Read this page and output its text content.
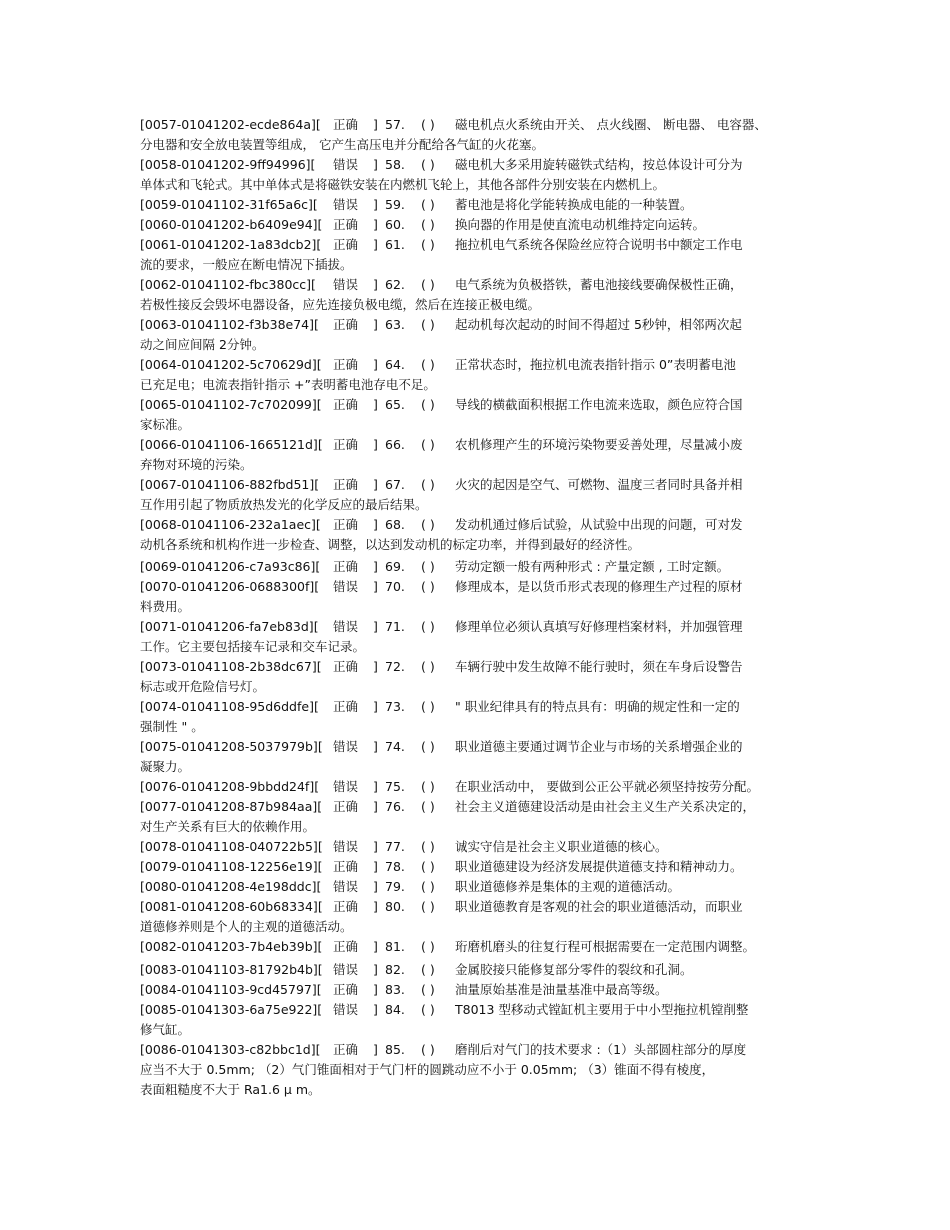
[0057-01041202-ecde864a][ 正确 ] 57. ( ) 磁电机点火系统由开关、 点火线圈、 断电器、 电容器、
分电器和安全放电装置等组成， 它产生高压电并分配给各气缸的火花塞。
[0058-01041202-9ff94996][ 错误 ] 58. ( ) 磁电机大多采用旋转磁铁式结构，按总体设计可分为
单体式和飞轮式。其中单体式是将磁铁安装在内燃机飞轮上，其他各部件分别安装在内燃机上。
[0059-01041102-31f65a6c][ 错误 ] 59. ( ) 蓄电池是将化学能转换成电能的一种装置。
[0060-01041202-b6409e94][ 正确 ] 60. ( ) 换向器的作用是使直流电动机维持定向运转。
[0061-01041202-1a83dcb2][ 正确 ] 61. ( ) 拖拉机电气系统各保险丝应符合说明书中额定工作电
流的要求，一般应在断电情况下插拔。
[0062-01041102-fbc380cc][ 错误 ] 62. ( ) 电气系统为负极搭铁，蓄电池接线要确保极性正确，
若极性接反会毁坏电器设备，应先连接负极电缆，然后在连接正极电缆。
[0063-01041102-f3b38e74][ 正确 ] 63. ( ) 起动机每次起动的时间不得超过 5秒钟，相邻两次起
动之间应间隔 2分钟。
[0064-01041202-5c70629d][ 正确 ] 64. ( ) 正常状态时，拖拉机电流表指针指示 0”表明蓄电池
已充足电；电流表指针指示 +”表明蓄电池存电不足。
[0065-01041102-7c702099][ 正确 ] 65. ( ) 导线的横截面积根据工作电流来选取，颜色应符合国
家标准。
[0066-01041106-1665121d][ 正确 ] 66. ( ) 农机修理产生的环境污染物要妥善处理，尽量减小废
弃物对环境的污染。
[0067-01041106-882fbd51][ 正确 ] 67. ( ) 火灾的起因是空气、可燃物、温度三者同时具备并相
互作用引起了物质放热发光的化学反应的最后结果。
[0068-01041106-232a1aec][ 正确 ] 68. ( ) 发动机通过修后试验，从试验中出现的问题，可对发
动机各系统和机构作进一步检查、调整，以达到发动机的标定功率，并得到最好的经济性。
[0069-01041206-c7a93c86][ 正确 ] 69. ( ) 劳动定额一般有两种形式 : 产量定额 , 工时定额。
[0070-01041206-0688300f][ 错误 ] 70. ( ) 修理成本，是以货币形式表现的修理生产过程的原材
料费用。
[0071-01041206-fa7eb83d][ 错误 ] 71. ( ) 修理单位必须认真填写好修理档案材料，并加强管理
工作。它主要包括接车记录和交车记录。
[0073-01041108-2b38dc67][ 正确 ] 72. ( ) 车辆行驶中发生故障不能行驶时，须在车身后设警告
标志或开危险信号灯。
[0074-01041108-95d6ddfe][ 正确 ] 73. ( ) " 职业纪律具有的特点具有：明确的规定性和一定的
强制性 " 。
[0075-01041208-5037979b][ 错误 ] 74. ( ) 职业道德主要通过调节企业与市场的关系增强企业的
凝聚力。
[0076-01041208-9bbdd24f][ 错误 ] 75. ( ) 在职业活动中， 要做到公正公平就必须坚持按劳分配。
[0077-01041208-87b984aa][ 正确 ] 76. ( ) 社会主义道德建设活动是由社会主义生产关系决定的，
对生产关系有巨大的依赖作用。
[0078-01041108-040722b5][ 错误 ] 77. ( ) 诚实守信是社会主义职业道德的核心。
[0079-01041108-12256e19][ 正确 ] 78. ( ) 职业道德建设为经济发展提供道德支持和精神动力。
[0080-01041208-4e198ddc][ 错误 ] 79. ( ) 职业道德修养是集体的主观的道德活动。
[0081-01041208-60b68334][ 正确 ] 80. ( ) 职业道德教育是客观的社会的职业道德活动，而职业
道德修养则是个人的主观的道德活动。
[0082-01041203-7b4eb39b][ 正确 ] 81. ( ) 珩磨机磨头的往复行程可根据需要在一定范围内调整。
[0083-01041103-81792b4b][ 错误 ] 82. ( ) 金属胶接只能修复部分零件的裂纹和孔洞。
[0084-01041103-9cd45797][ 正确 ] 83. ( ) 油量原始基准是油量基准中最高等级。
[0085-01041303-6a75e922][ 错误 ] 84. ( ) T8013 型移动式镗缸机主要用于中小型拖拉机镗削整
修气缸。
[0086-01041303-c82bbc1d][ 正确 ] 85. ( ) 磨削后对气门的技术要求 :（1）头部圆柱部分的厚度
应当不大于 0.5mm; （2）气门锥面相对于气门杆的圆跳动应不小于 0.05mm; （3）锥面不得有棱度，
表面粗糙度不大于 Ra1.6 μ m。
